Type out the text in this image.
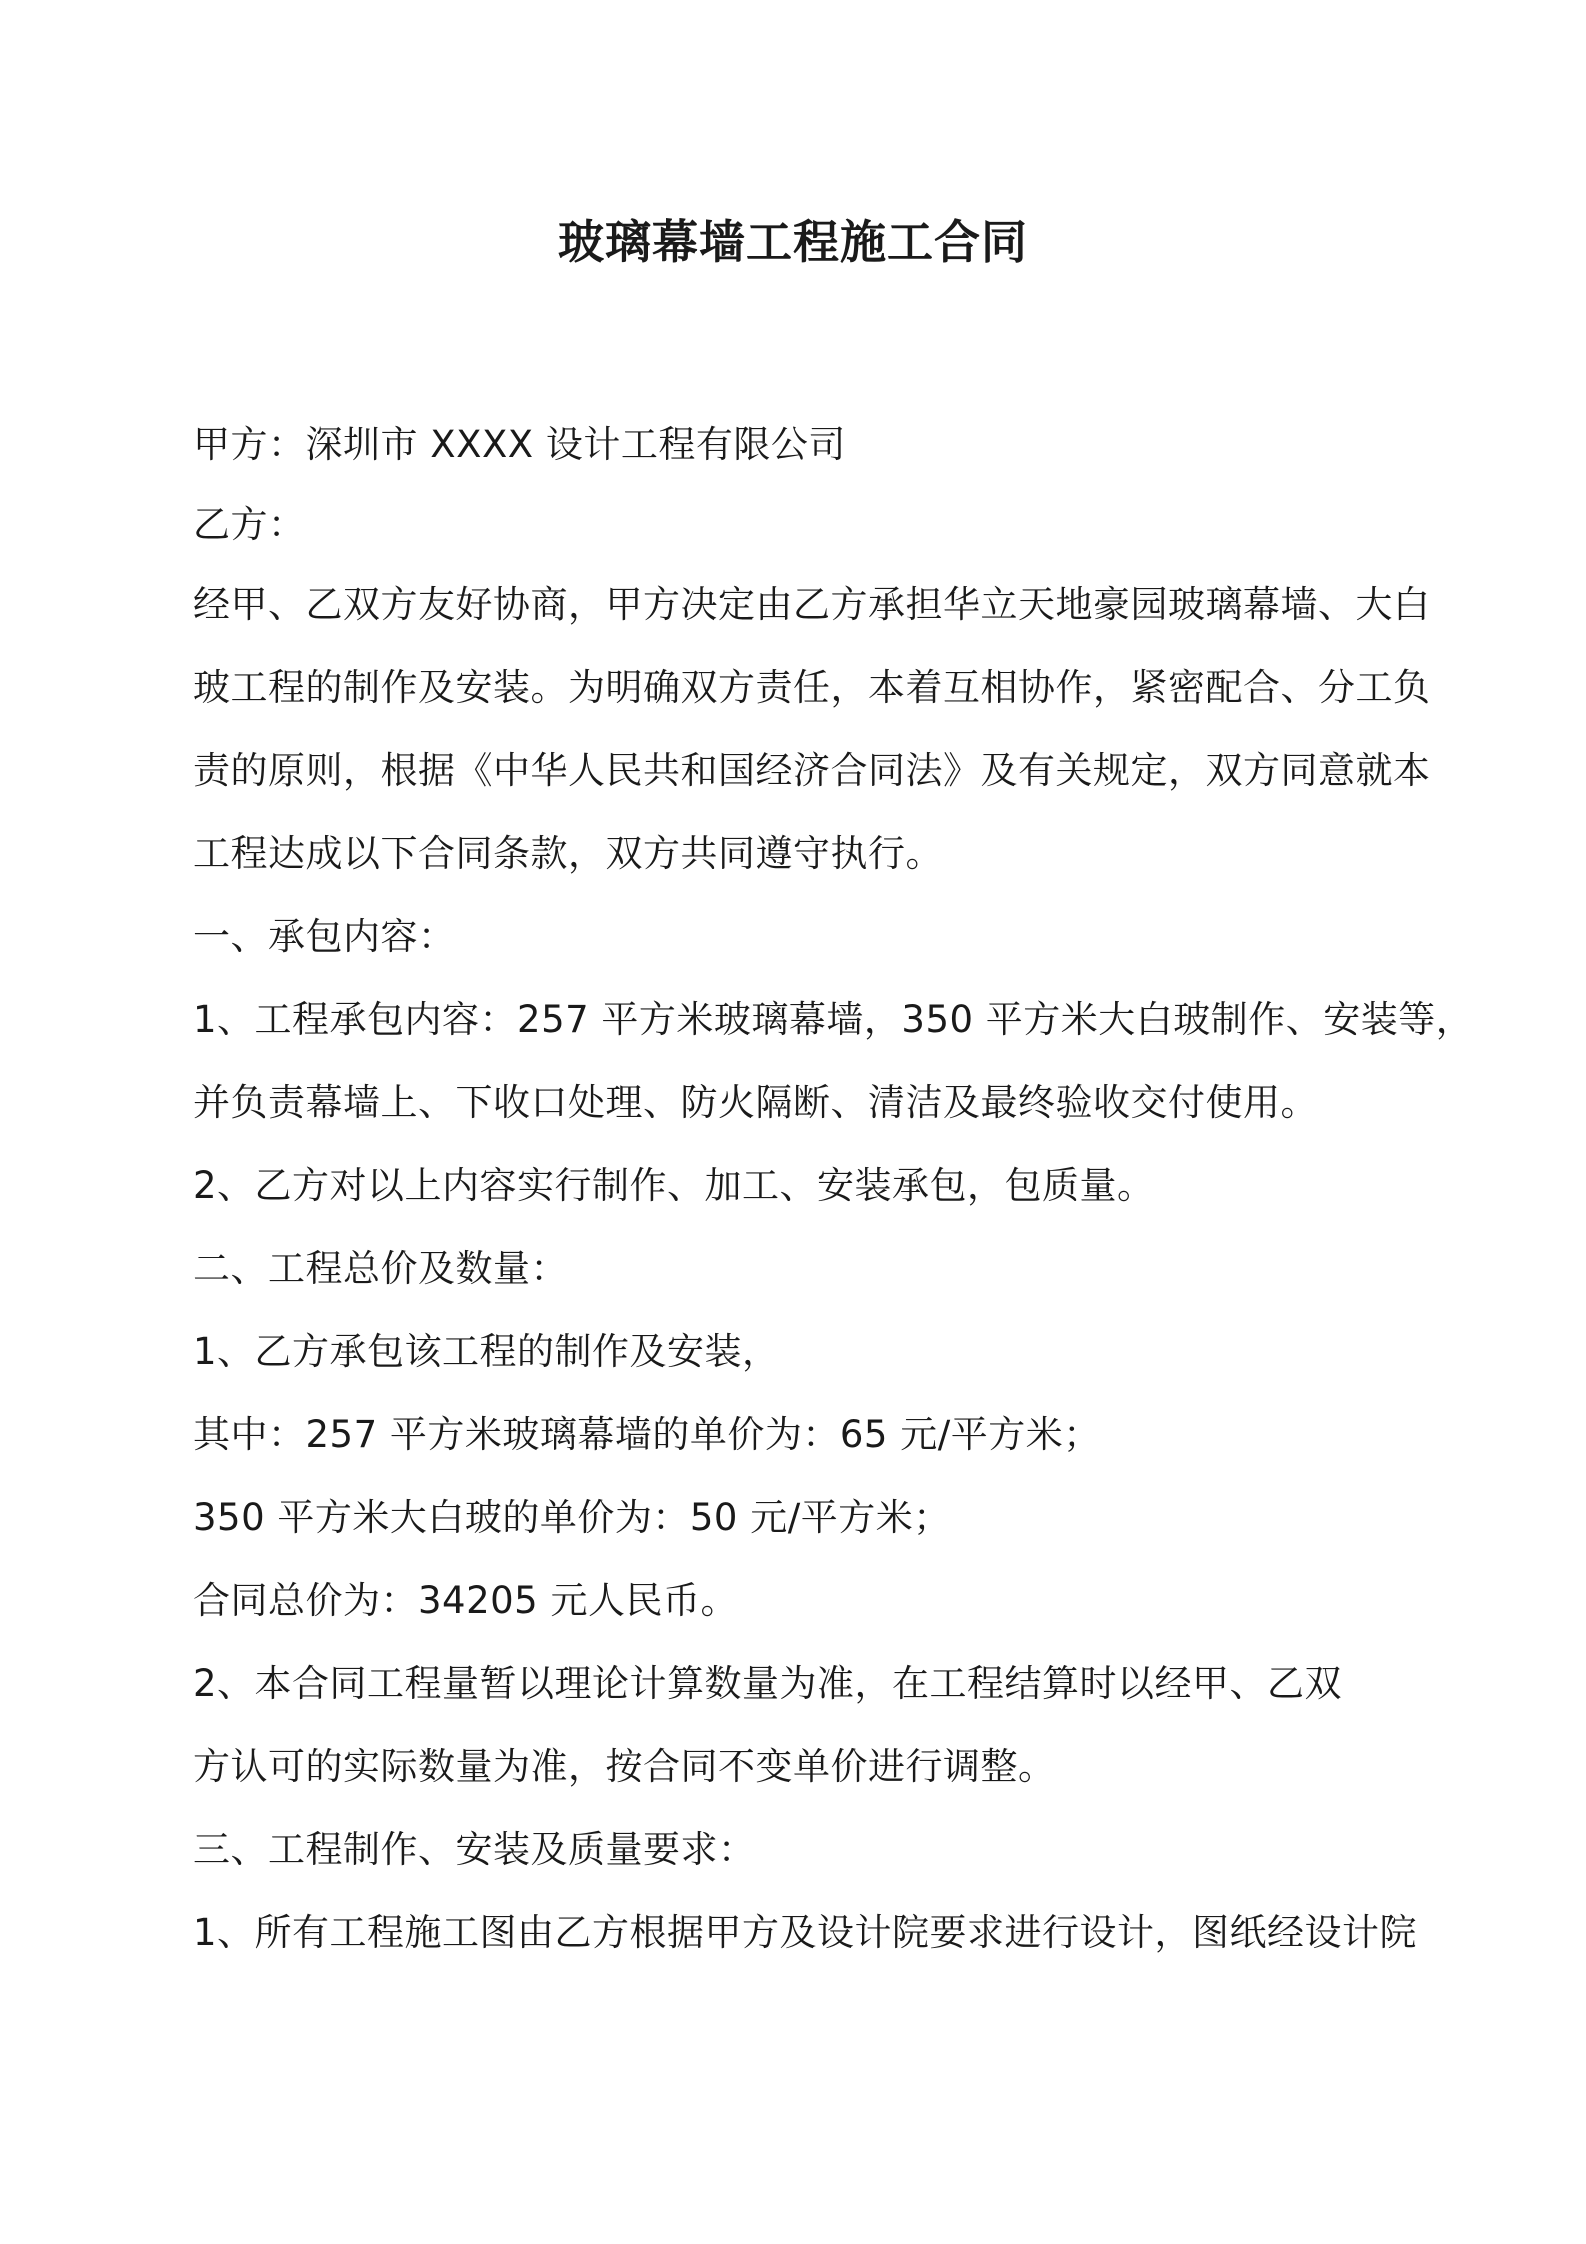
玻璃幕墙工程施工合同
甲方：深圳市 XXXX 设计工程有限公司
乙方：
经甲、乙双方友好协商，甲方决定由乙方承担华立天地豪园玻璃幕墙、大白
玻工程的制作及安装。为明确双方责任，本着互相协作，紧密配合、分工负
责的原则，根据《中华人民共和国经济合同法》及有关规定，双方同意就本
工程达成以下合同条款，双方共同遵守执行。
一、承包内容：
1、工程承包内容：257 平方米玻璃幕墙，350 平方米大白玻制作、安装等，
并负责幕墙上、下收口处理、防火隔断、清洁及最终验收交付使用。
2、乙方对以上内容实行制作、加工、安装承包，包质量。
二、工程总价及数量：
1、乙方承包该工程的制作及安装，
其中：257 平方米玻璃幕墙的单价为：65 元/平方米；
350 平方米大白玻的单价为：50 元/平方米；
合同总价为：34205 元人民币。
2、本合同工程量暂以理论计算数量为准，在工程结算时以经甲、乙双
方认可的实际数量为准，按合同不变单价进行调整。
三、工程制作、安装及质量要求：
1、所有工程施工图由乙方根据甲方及设计院要求进行设计，图纸经设计院
